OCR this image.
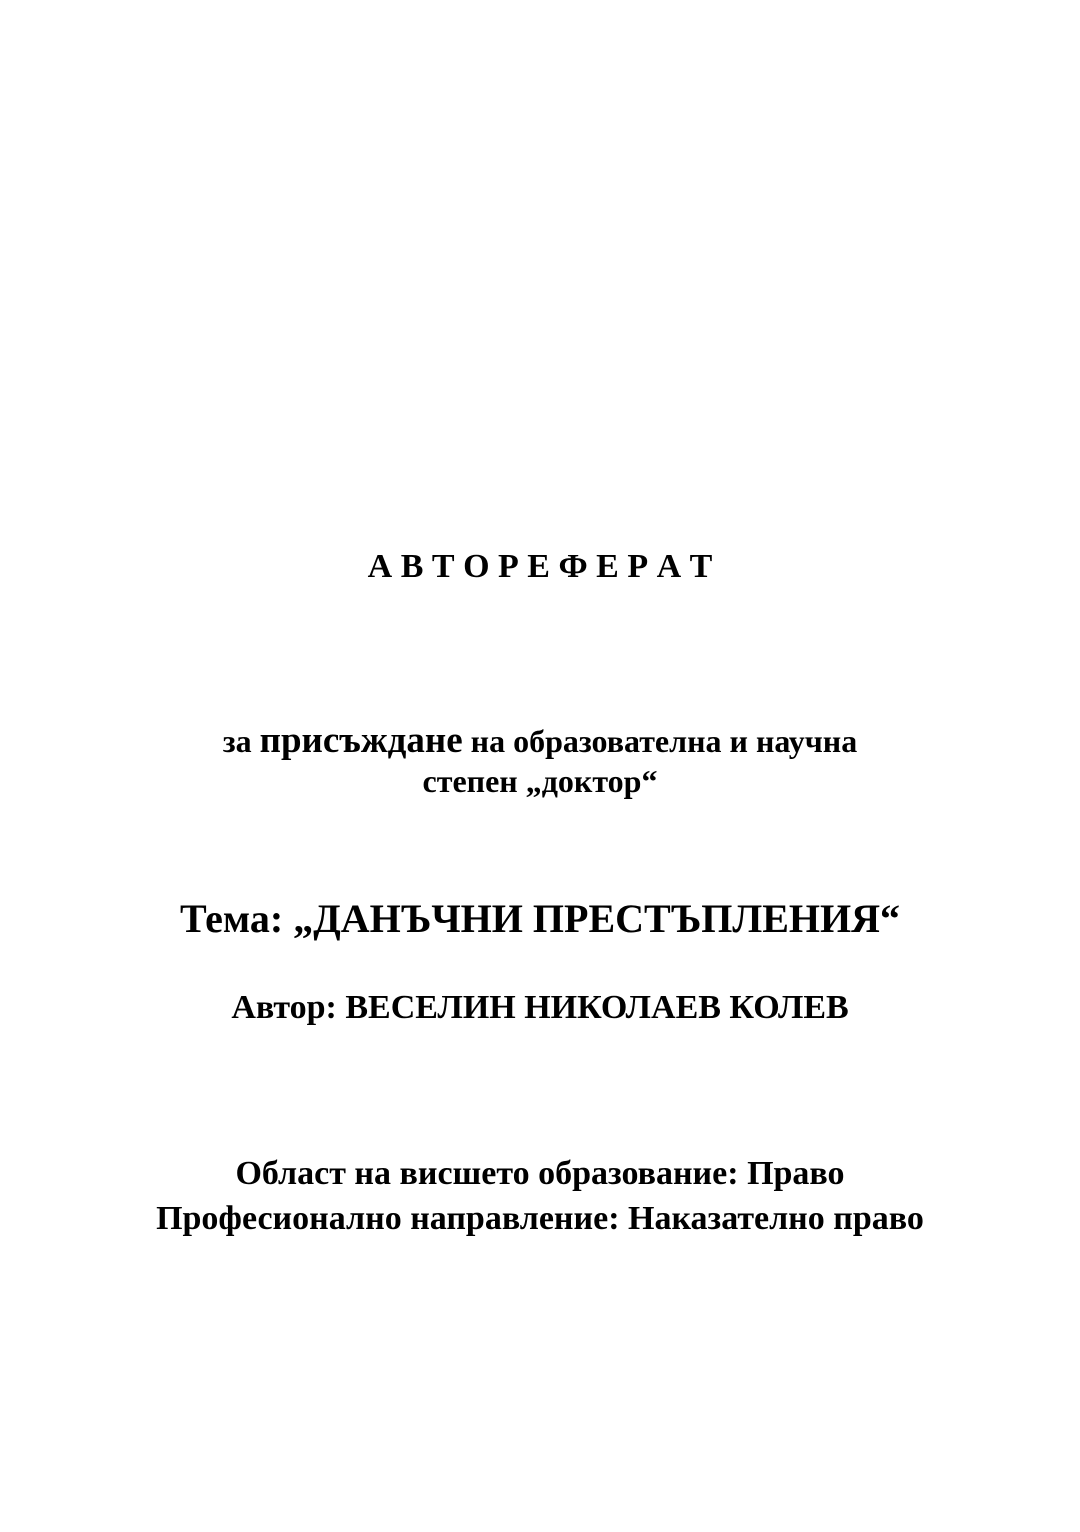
А В Т О Р Е Ф Е Р А Т
за присъждане на образователна и научна
степен „доктор“
Тема: „ДАНЪЧНИ ПРЕСТЪПЛЕНИЯ“
Автор: ВЕСЕЛИН НИКОЛАЕВ КОЛЕВ
Област на висшето образование: Право
Професионално направление: Наказателно право
